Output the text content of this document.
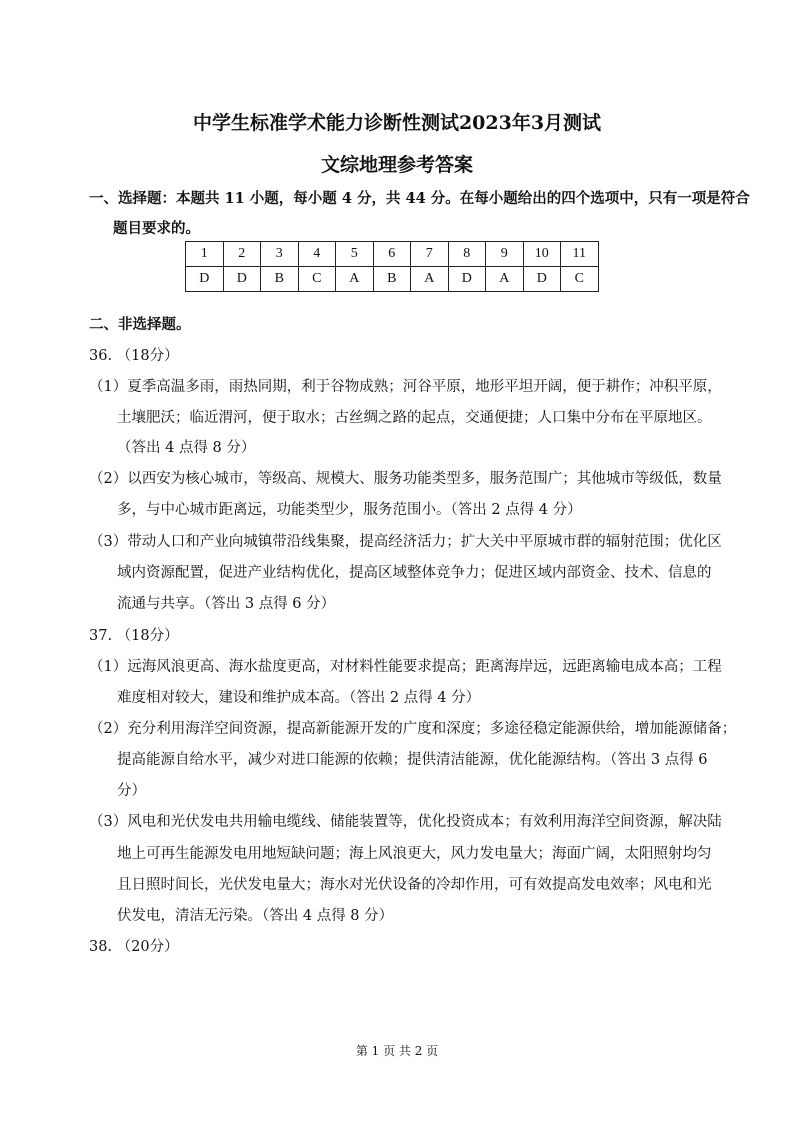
中学生标准学术能力诊断性测试2023年3月测试
文综地理参考答案
一、选择题：本题共 11 小题，每小题 4 分，共 44 分。在每小题给出的四个选项中，只有一项是符合
题目要求的。
1	2	3	4	5	6	7	8	9	10	11
D	D	B	C	A	B	A	D	A	D	C
二、非选择题。
36. （18分）
（1）夏季高温多雨，雨热同期，利于谷物成熟；河谷平原，地形平坦开阔，便于耕作；冲积平原，
土壤肥沃；临近渭河，便于取水；古丝绸之路的起点，交通便捷；人口集中分布在平原地区。
（答出 4 点得 8 分）
（2）以西安为核心城市，等级高、规模大、服务功能类型多，服务范围广；其他城市等级低，数量
多，与中心城市距离远，功能类型少，服务范围小。（答出 2 点得 4 分）
（3）带动人口和产业向城镇带沿线集聚，提高经济活力；扩大关中平原城市群的辐射范围；优化区
域内资源配置，促进产业结构优化，提高区域整体竞争力；促进区域内部资金、技术、信息的
流通与共享。（答出 3 点得 6 分）
37. （18分）
（1）远海风浪更高、海水盐度更高，对材料性能要求提高；距离海岸远，远距离输电成本高；工程
难度相对较大，建设和维护成本高。（答出 2 点得 4 分）
（2）充分利用海洋空间资源，提高新能源开发的广度和深度；多途径稳定能源供给，增加能源储备；
提高能源自给水平，减少对进口能源的依赖；提供清洁能源，优化能源结构。（答出 3 点得 6
分）
（3）风电和光伏发电共用输电缆线、储能装置等，优化投资成本；有效利用海洋空间资源，解决陆
地上可再生能源发电用地短缺问题；海上风浪更大，风力发电量大；海面广阔，太阳照射均匀
且日照时间长，光伏发电量大；海水对光伏设备的冷却作用，可有效提高发电效率；风电和光
伏发电，清洁无污染。（答出 4 点得 8 分）
38. （20分）
第 1 页 共 2 页
